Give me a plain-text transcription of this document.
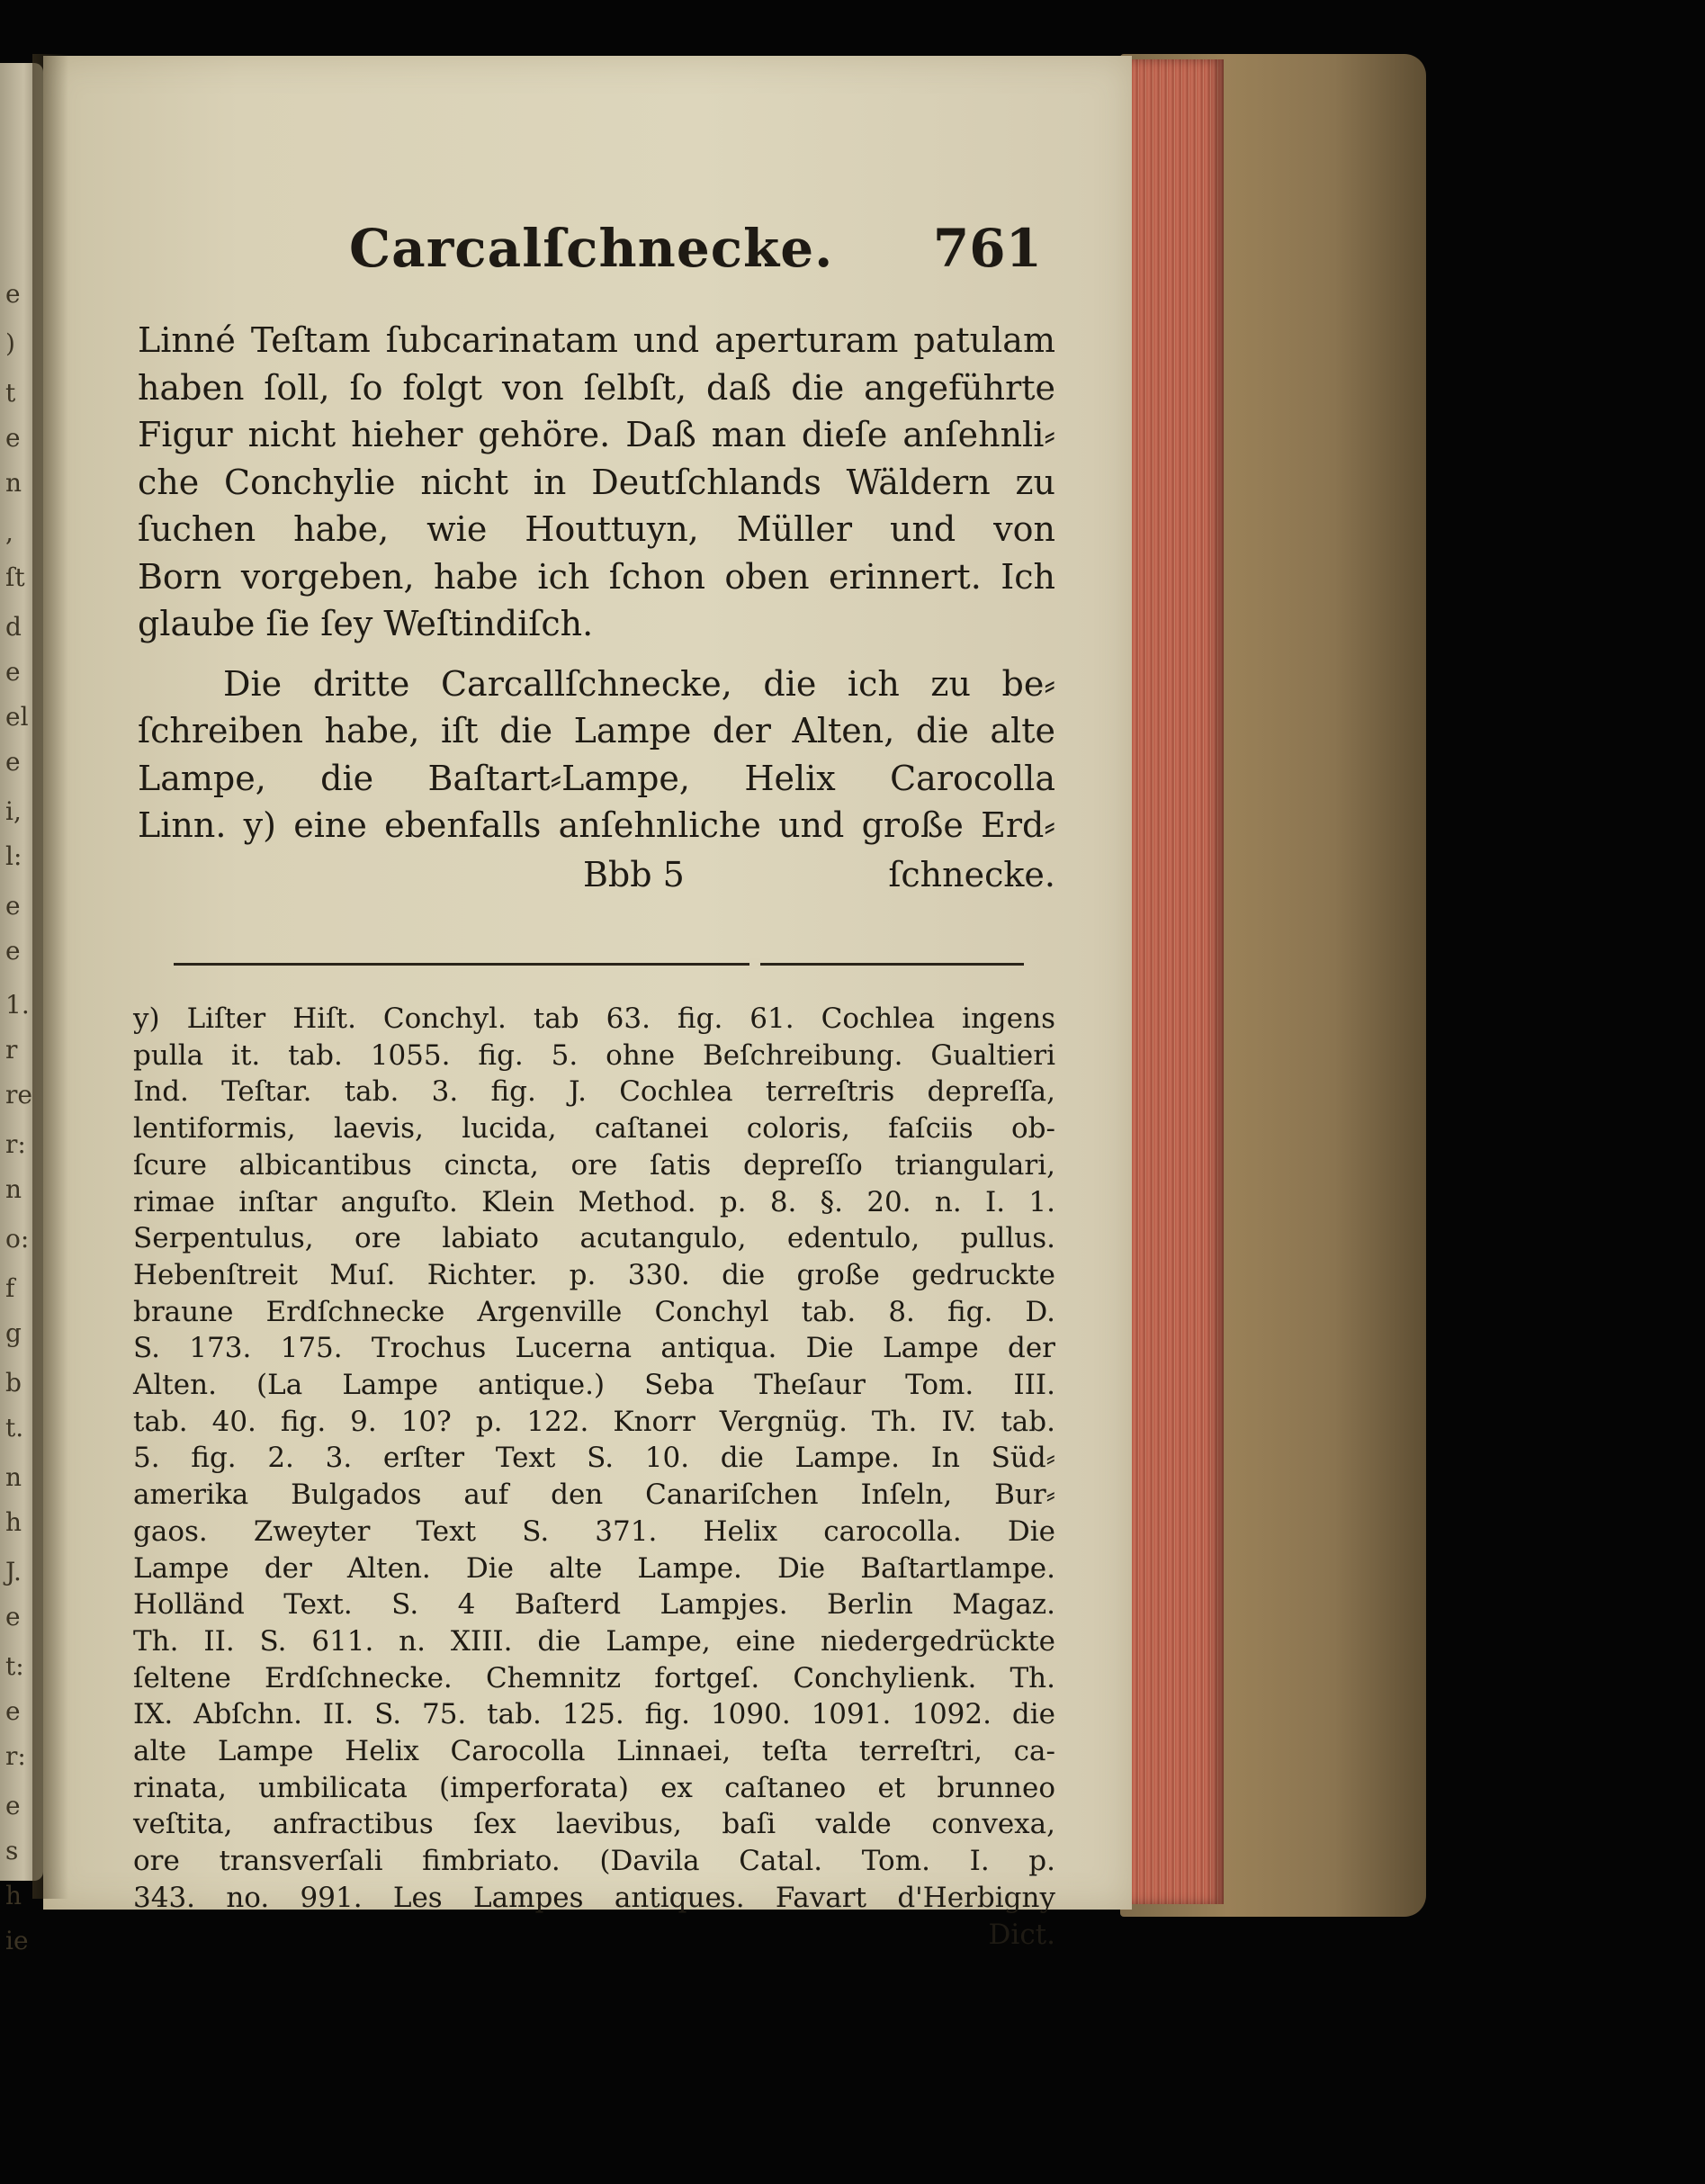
e
)
t
e
n
,
ſt
d
e
el
e
i,
l:
e
e
1.
r
re
r:
n
o:
f
g
b
t.
n
h
J.
e
t:
e
r:
e
s
h
ie
Carcalſchnecke. 761
Linné Teſtam ſubcarinatam und aperturam patulam
haben ſoll, ſo folgt von ſelbſt, daß die angeführte
Figur nicht hieher gehöre. Daß man dieſe anſehnli⸗
che Conchylie nicht in Deutſchlands Wäldern zu
ſuchen habe, wie Houttuyn, Müller und von
Born vorgeben, habe ich ſchon oben erinnert. Ich
glaube ſie ſey Weſtindiſch.
Die dritte Carcallſchnecke, die ich zu be⸗
ſchreiben habe, iſt die Lampe der Alten, die alte
Lampe, die Baſtart⸗Lampe, Helix Carocolla
Linn. y) eine ebenfalls anſehnliche und große Erd⸗
Bbb 5	ſchnecke.
y) Liſter Hiſt. Conchyl. tab 63. fig. 61. Cochlea ingens
pulla it. tab. 1055. fig. 5. ohne Beſchreibung. Gualtieri
Ind. Teſtar. tab. 3. fig. J. Cochlea terreſtris depreſſa,
lentiformis, laevis, lucida, caſtanei coloris, faſciis ob-
ſcure albicantibus cincta, ore ſatis depreſſo triangulari,
rimae inſtar anguſto. Klein Method. p. 8. §. 20. n. I. 1.
Serpentulus, ore labiato acutangulo, edentulo, pullus.
Hebenſtreit Muſ. Richter. p. 330. die große gedruckte
braune Erdſchnecke Argenville Conchyl tab. 8. fig. D.
S. 173. 175. Trochus Lucerna antiqua. Die Lampe der
Alten. (La Lampe antique.) Seba Theſaur Tom. III.
tab. 40. fig. 9. 10? p. 122. Knorr Vergnüg. Th. IV. tab.
5. fig. 2. 3. erſter Text S. 10. die Lampe. In Süd⸗
amerika Bulgados auf den Canariſchen Inſeln, Bur⸗
gaos. Zweyter Text S. 371. Helix carocolla. Die
Lampe der Alten. Die alte Lampe. Die Baſtartlampe.
Holländ Text. S. 4 Baſterd Lampjes. Berlin Magaz.
Th. II. S. 611. n. XIII. die Lampe, eine niedergedrückte
ſeltene Erdſchnecke. Chemnitz fortgeſ. Conchylienk. Th.
IX. Abſchn. II. S. 75. tab. 125. fig. 1090. 1091. 1092. die
alte Lampe Helix Carocolla Linnaei, teſta terreſtri, ca-
rinata, umbilicata (imperforata) ex caſtaneo et brunneo
veſtita, anfractibus ſex laevibus, baſi valde convexa,
ore transverſali fimbriato. (Davila Catal. Tom. I. p.
343. no. 991. Les Lampes antiques. Favart d'Herbigny
Dict.
